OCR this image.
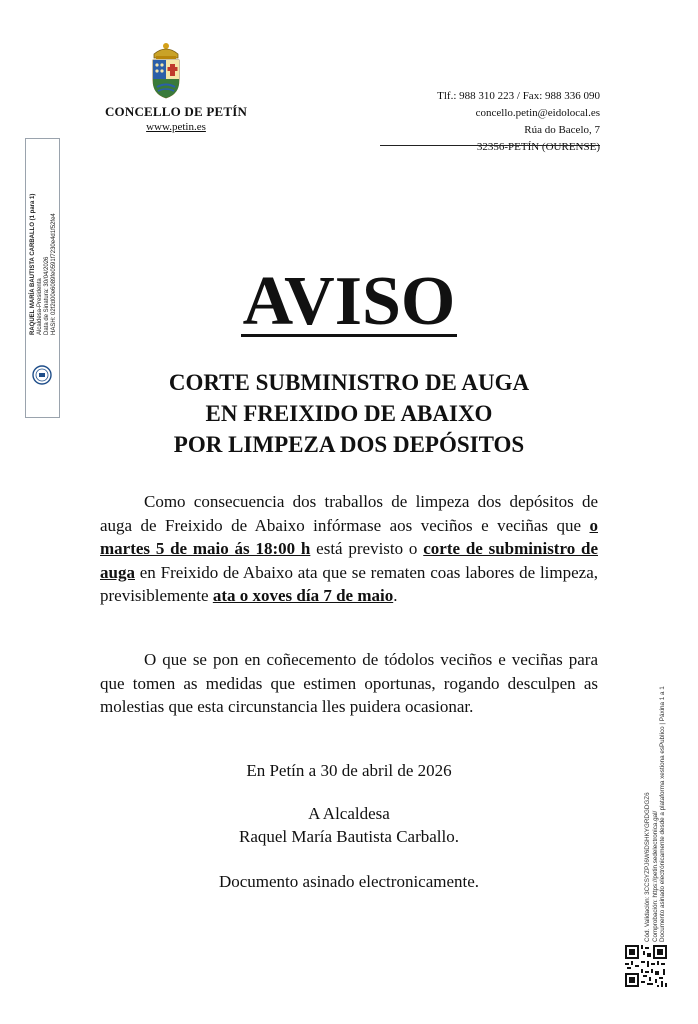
CONCELLO DE PETÍN
www.petin.es
Tlf.: 988 310 223 / Fax: 988 336 090
concello.petin@eidolocal.es
Rúa do Bacelo, 7
32356-PETÍN (OURENSE)
RAQUEL MARÍA BAUTISTA CARBALLO (1 para 1) Alcaldesa-Presidenta Data de Sinatura: 30/04/2026 HASH: 02f2d00e6089fe0591f7230e4d1f52fe4	AVISO
CORTE SUBMINISTRO DE AUGA
EN FREIXIDO DE ABAIXO
POR LIMPEZA DOS DEPÓSITOS
Como consecuencia dos traballos de limpeza dos depósitos de auga de Freixido de Abaixo infórmase aos veciños e veciñas que o martes 5 de maio ás 18:00 h está previsto o corte de subministro de auga en Freixido de Abaixo ata que se rematen coas labores de limpeza, previsiblemente ata o xoves día 7 de maio.
O que se pon en coñecemento de tódolos veciños e veciñas para que tomen as medidas que estimen oportunas, rogando desculpen as molestias que esta circunstancia lles puidera ocasionar.
En Petín a 30 de abril de 2026
A Alcaldesa
Raquel María Bautista Carballo.
Documento asinado electronicamente.	Cód. Validación: 3CCSYZPJ6W6DSHKYGRDGDGZ6 Comprobación: https://petin.sedelectronica.gal/ Documento asinado electrónicamente desde a plataforma xestiona esPublico | Páxina 1 a 1
